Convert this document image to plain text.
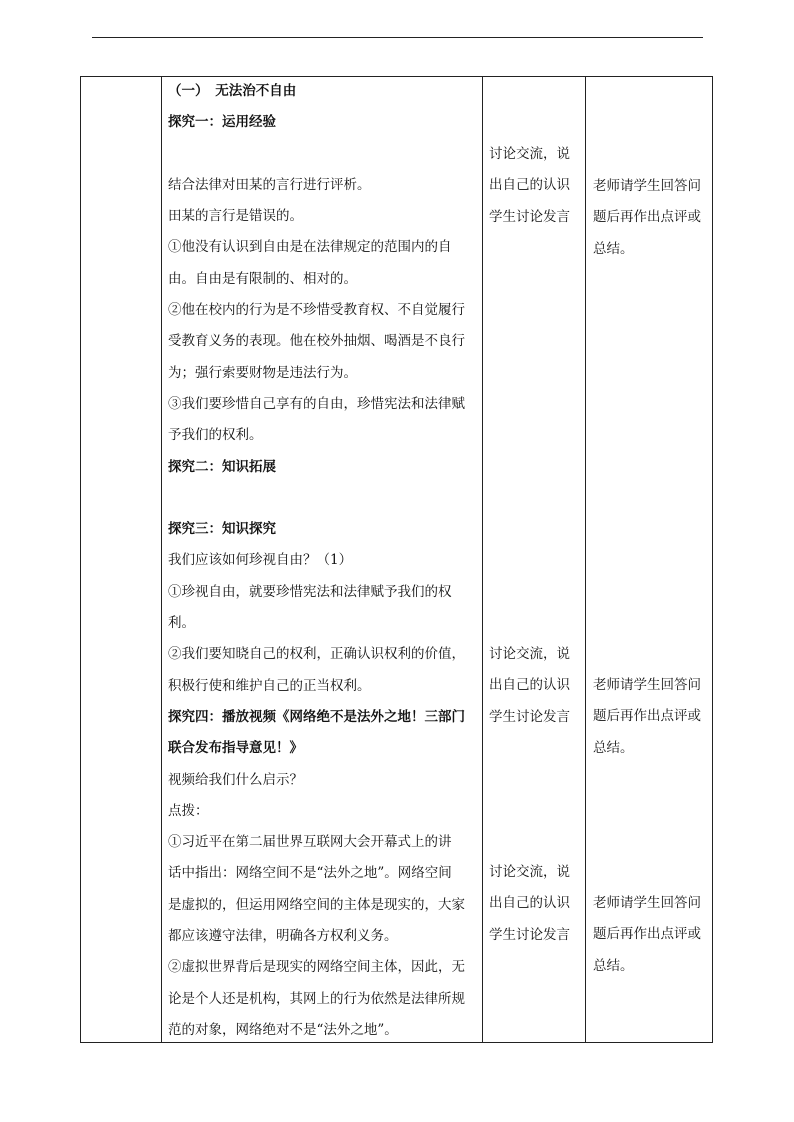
（一）　无法治不自由
探究一：运用经验
结合法律对田某的言行进行评析。
田某的言行是错误的。
①他没有认识到自由是在法律规定的范围内的自
由。自由是有限制的、相对的。
②他在校内的行为是不珍惜受教育权、不自觉履行
受教育义务的表现。他在校外抽烟、喝酒是不良行
为；强行索要财物是违法行为。
③我们要珍惜自己享有的自由，珍惜宪法和法律赋
予我们的权利。
探究二：知识拓展
探究三：知识探究
我们应该如何珍视自由？（1）
①珍视自由，就要珍惜宪法和法律赋予我们的权
利。
②我们要知晓自己的权利，正确认识权利的价值，
积极行使和维护自己的正当权利。
探究四：播放视频《网络绝不是法外之地！三部门
联合发布指导意见！》
视频给我们什么启示？
点拨：
①习近平在第二届世界互联网大会开幕式上的讲
话中指出：网络空间不是“法外之地”。网络空间
是虚拟的，但运用网络空间的主体是现实的，大家
都应该遵守法律，明确各方权利义务。
②虚拟世界背后是现实的网络空间主体，因此，无
论是个人还是机构，其网上的行为依然是法律所规
范的对象，网络绝对不是“法外之地”。
讨论交流，说
出自己的认识
学生讨论发言
讨论交流，说
出自己的认识
学生讨论发言
讨论交流，说
出自己的认识
学生讨论发言
老师请学生回答问
题后再作出点评或
总结。
老师请学生回答问
题后再作出点评或
总结。
老师请学生回答问
题后再作出点评或
总结。
